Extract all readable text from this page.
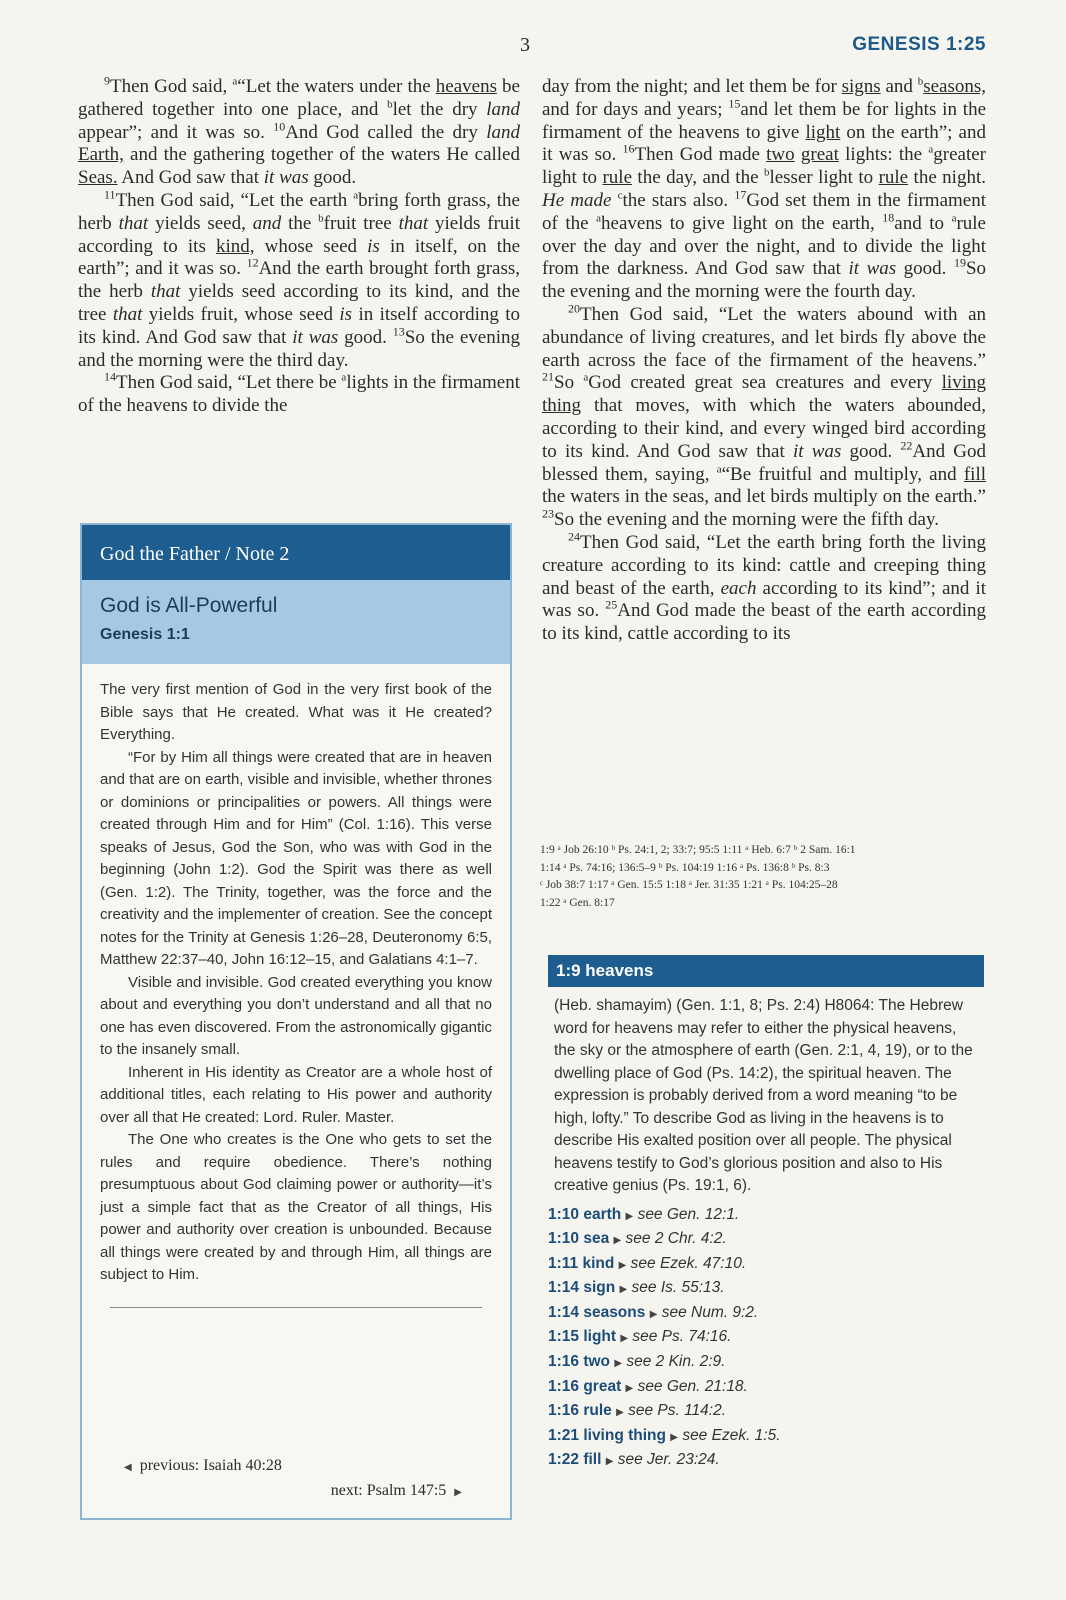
3	GENESIS 1:25

$^9$Then God said, $^a$“Let the waters under the heavens be gathered together into one place, and $^b$let the dry land appear”; and it was so. $^{10}$And God called the dry land Earth, and the gathering together of the waters He called Seas. And God saw that it was good.

$^{11}$Then God said, “Let the earth $^a$bring forth grass, the herb that yields seed, and the $^b$fruit tree that yields fruit according to its kind, whose seed is in itself, on the earth”; and it was so. $^{12}$And the earth brought forth grass, the herb that yields seed according to its kind, and the tree that yields fruit, whose seed is in itself according to its kind. And God saw that it was good. $^{13}$So the evening and the morning were the third day.

$^{14}$Then God said, “Let there be $^a$lights in the firmament of the heavens to divide the

day from the night; and let them be for signs and $^b$seasons, and for days and years; $^{15}$and let them be for lights in the firmament of the heavens to give light on the earth”; and it was so. $^{16}$Then God made two great lights: the $^a$greater light to rule the day, and the $^b$lesser light to rule the night. He made $^c$the stars also. $^{17}$God set them in the firmament of the $^a$heavens to give light on the earth, $^{18}$and to $^a$rule over the day and over the night, and to divide the light from the darkness. And God saw that it was good. $^{19}$So the evening and the morning were the fourth day.

$^{20}$Then God said, “Let the waters abound with an abundance of living creatures, and let birds fly above the earth across the face of the firmament of the heavens.” $^{21}$So $^a$God created great sea creatures and every living thing that moves, with which the waters abounded, according to their kind, and every winged bird according to its kind. And God saw that it was good. $^{22}$And God blessed them, saying, $^a$“Be fruitful and multiply, and fill the waters in the seas, and let birds multiply on the earth.” $^{23}$So the evening and the morning were the fifth day.

$^{24}$Then God said, “Let the earth bring forth the living creature according to its kind: cattle and creeping thing and beast of the earth, each according to its kind”; and it was so. $^{25}$And God made the beast of the earth according to its kind, cattle according to its

God the Father / Note 2
God is All-Powerful
Genesis 1:1

The very first mention of God in the very first book of the Bible says that He created. What was it He created? Everything.

“For by Him all things were created that are in heaven and that are on earth, visible and invisible, whether thrones or dominions or principalities or powers. All things were created through Him and for Him” (Col. 1:16). This verse speaks of Jesus, God the Son, who was with God in the beginning (John 1:2). God the Spirit was there as well (Gen. 1:2). The Trinity, together, was the force and the creativity and the implementer of creation. See the concept notes for the Trinity at Genesis 1:26–28, Deuteronomy 6:5, Matthew 22:37–40, John 16:12–15, and Galatians 4:1–7.

Visible and invisible. God created everything you know about and everything you don’t understand and all that no one has even discovered. From the astronomically gigantic to the insanely small.

Inherent in His identity as Creator are a whole host of additional titles, each relating to His power and authority over all that He created: Lord. Ruler. Master.

The One who creates is the One who gets to set the rules and require obedience. There’s nothing presumptuous about God claiming power or authority—it’s just a simple fact that as the Creator of all things, His power and authority over creation is unbounded. Because all things were created by and through Him, all things are subject to Him.

◀ previous: Isaiah 40:28
next: Psalm 147:5 ▶
1:9 ᵃ Job 26:10 ᵇ Ps. 24:1, 2; 33:7; 95:5 1:11 ᵃ Heb. 6:7 ᵇ 2 Sam. 16:1
1:14 ᵃ Ps. 74:16; 136:5–9 ᵇ Ps. 104:19 1:16 ᵃ Ps. 136:8 ᵇ Ps. 8:3
ᶜ Job 38:7 1:17 ᵃ Gen. 15:5 1:18 ᵃ Jer. 31:35 1:21 ᵃ Ps. 104:25–28
1:22 ᵃ Gen. 8:17
1:9 heavens
(Heb. shamayim) (Gen. 1:1, 8; Ps. 2:4) H8064: The Hebrew word for heavens may refer to either the physical heavens, the sky or the atmosphere of earth (Gen. 2:1, 4, 19), or to the dwelling place of God (Ps. 14:2), the spiritual heaven. The expression is probably derived from a word meaning “to be high, lofty.” To describe God as living in the heavens is to describe His exalted position over all people. The physical heavens testify to God’s glorious position and also to His creative genius (Ps. 19:1, 6).
1:10 earth ▶ see Gen. 12:1.
1:10 sea ▶ see 2 Chr. 4:2.
1:11 kind ▶ see Ezek. 47:10.
1:14 sign ▶ see Is. 55:13.
1:14 seasons ▶ see Num. 9:2.
1:15 light ▶ see Ps. 74:16.
1:16 two ▶ see 2 Kin. 2:9.
1:16 great ▶ see Gen. 21:18.
1:16 rule ▶ see Ps. 114:2.
1:21 living thing ▶ see Ezek. 1:5.
1:22 fill ▶ see Jer. 23:24.
